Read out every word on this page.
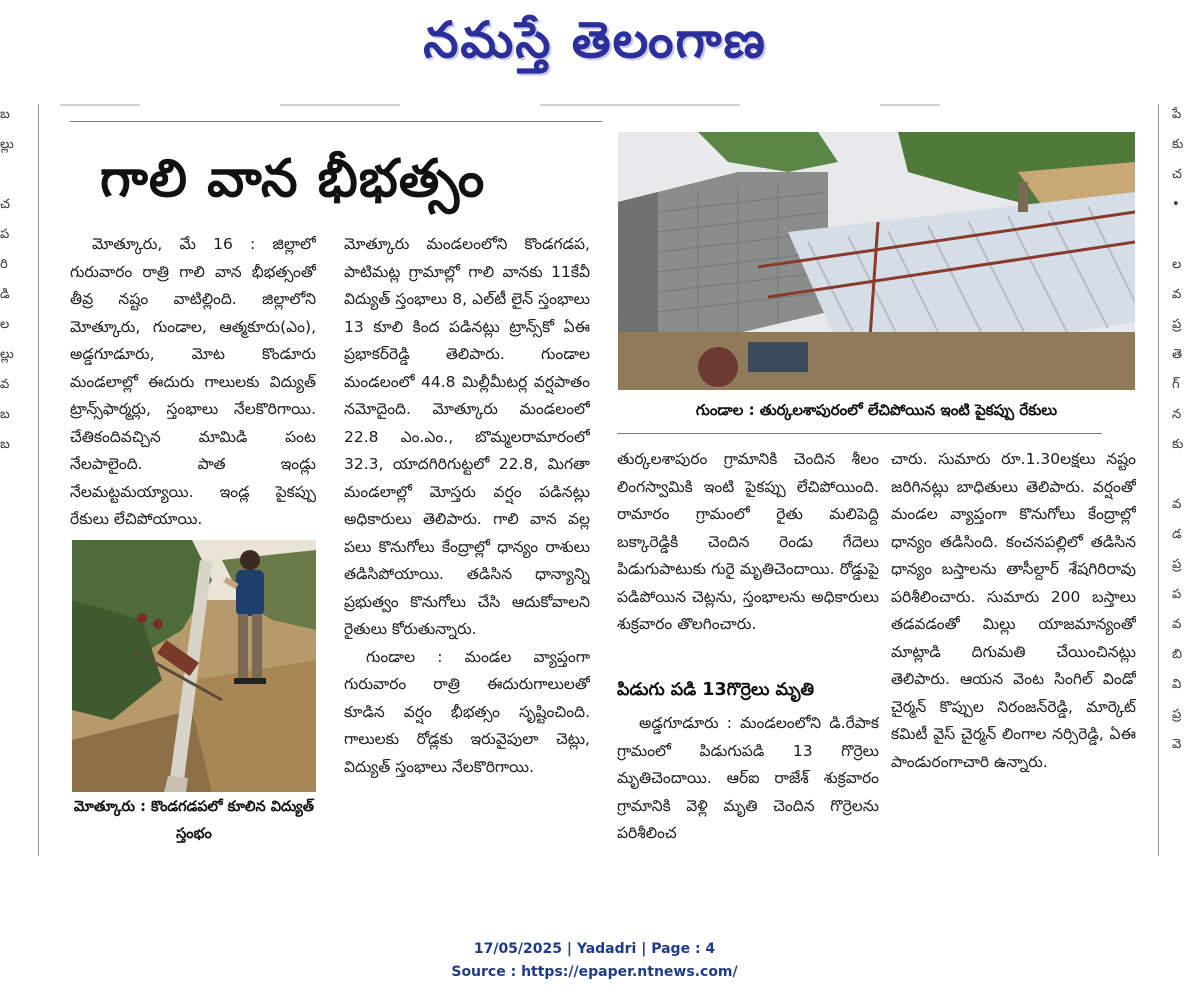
నమస్తే తెలంగాణ
బ
ల్లు

చ
ప
రి
డి
ల
ల్లు
వ
బ
బ
పే
కు
చ
•

ల
వ
ప్ర
తె
గ్
న
కు

వ
డ
ప్ర
ప
వ
బి
వి
ప్ర
వె
గాలి వాన భీభత్సం

మోత్కూరు, మే 16 : జిల్లాలో గురువారం రాత్రి గాలి వాన భీభత్సంతో తీవ్ర నష్టం వాటిల్లింది. జిల్లాలోని మోత్కూరు, గుండాల, ఆత్మకూరు(ఎం), అడ్డగూడూరు, మోట కొండూరు మండలాల్లో ఈదురు గాలులకు విద్యుత్ ట్రాన్స్‌ఫార్మర్లు, స్తంభాలు నేలకొరిగాయి. చేతికందివచ్చిన మామిడి పంట నేలపాలైంది. పాత ఇండ్లు నేలమట్టమయ్యాయి. ఇండ్ల పైకప్పు రేకులు లేచిపోయాయి.

మోత్కూరు : కొండగడపలో కూలిన విద్యుత్ స్తంభం

మోత్కూరు మండలంలోని కొండగడప, పాటిమట్ల గ్రామాల్లో గాలి వానకు 11కేవీ విద్యుత్ స్తంభాలు 8, ఎల్‌టీ లైన్ స్తంభాలు 13 కూలి కింద పడినట్లు ట్రాన్స్‌కో ఏఈ ప్రభాకర్‌రెడ్డి తెలిపారు. గుండాల మండలంలో 44.8 మిల్లీమీటర్ల వర్షపాతం నమోదైంది. మోత్కూరు మండలంలో 22.8 ఎం.ఎం., బొమ్మలరామారంలో 32.3, యాదగిరిగుట్టలో 22.8, మిగతా మండలాల్లో మోస్తరు వర్షం పడినట్లు అధికారులు తెలిపారు. గాలి వాన వల్ల పలు కొనుగోలు కేంద్రాల్లో ధాన్యం రాశులు తడిసిపోయాయి. తడిసిన ధాన్యాన్ని ప్రభుత్వం కొనుగోలు చేసి ఆదుకోవాలని రైతులు కోరుతున్నారు.

గుండాల : మండల వ్యాప్తంగా గురువారం రాత్రి ఈదురుగాలులతో కూడిన వర్షం భీభత్సం సృష్టించింది. గాలులకు రోడ్లకు ఇరువైపులా చెట్లు, విద్యుత్ స్తంభాలు నేలకొరిగాయి.

గుండాల : తుర్కలశాపురంలో లేచిపోయిన ఇంటి పైకప్పు రేకులు

తుర్కలశాపురం గ్రామానికి చెందిన శీలం లింగస్వామికి ఇంటి పైకప్పు లేచిపోయింది. రామారం గ్రామంలో రైతు మలిపెద్ది బక్కారెడ్డికి చెందిన రెండు గేదెలు పిడుగుపాటుకు గురై మృతిచెందాయి. రోడ్డుపై పడిపోయిన చెట్లను, స్తంభాలను అధికారులు శుక్రవారం తొలగించారు.

పిడుగు పడి 13గొర్రెలు మృతి

అడ్డగూడూరు : మండలంలోని డి.రేపాక గ్రామంలో పిడుగుపడి 13 గొర్రెలు మృతిచెందాయి. ఆర్‌ఐ రాజేశ్ శుక్రవారం గ్రామానికి వెళ్లి మృతి చెందిన గొర్రెలను పరిశీలించ

చారు. సుమారు రూ.1.30లక్షలు నష్టం జరిగినట్లు బాధితులు తెలిపారు. వర్షంతో మండల వ్యాప్తంగా కొనుగోలు కేంద్రాల్లో ధాన్యం తడిసింది. కంచనపల్లిలో తడిసిన ధాన్యం బస్తాలను తాసీల్దార్ శేషగిరిరావు పరిశీలించారు. సుమారు 200 బస్తాలు తడవడంతో మిల్లు యాజమాన్యంతో మాట్లాడి దిగుమతి చేయించినట్లు తెలిపారు. ఆయన వెంట సింగిల్ విండో చైర్మన్ కొప్పుల నిరంజన్‌రెడ్డి, మార్కెట్ కమిటీ వైస్ చైర్మన్ లింగాల నర్సిరెడ్డి, ఏఈ పాండురంగాచారి ఉన్నారు.

17/05/2025 | Yadadri | Page : 4
Source : https://epaper.ntnews.com/
